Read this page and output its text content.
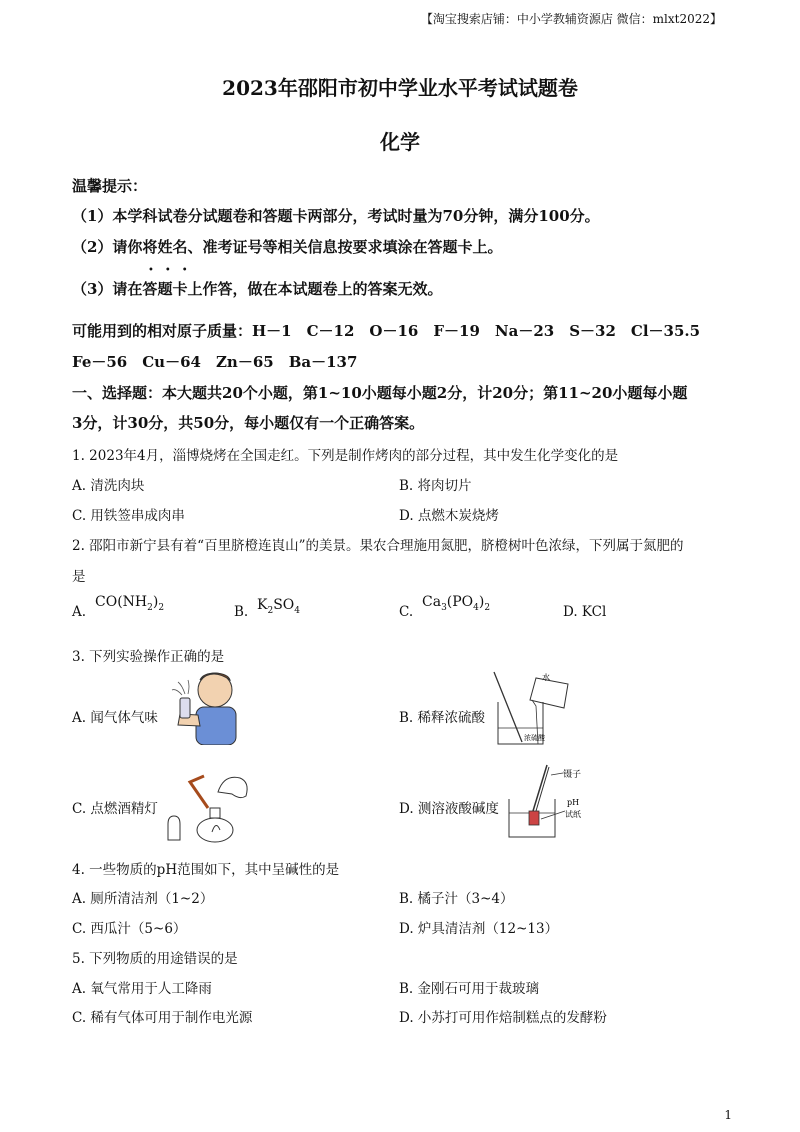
【淘宝搜索店铺：中小学教辅资源店 微信：mlxt2022】
2023年邵阳市初中学业水平考试试题卷
化学
温馨提示：
（1）本学科试卷分试题卷和答题卡两部分，考试时量为70分钟，满分100分。
（2）请你将姓名、准考证号等相关信息按要求填涂在答题卡上。
•••
（3）请在答题卡上作答，做在本试题卷上的答案无效。
可能用到的相对原子质量：H－1　C－12　O－16　F－19　Na－23　S－32　Cl－35.5
Fe－56　Cu－64　Zn－65　Ba－137
一、选择题：本大题共20个小题，第1~10小题每小题2分，计20分；第11~20小题每小题
3分，计30分，共50分，每小题仅有一个正确答案。
1. 2023年4月，淄博烧烤在全国走红。下列是制作烤肉的部分过程，其中发生化学变化的是
A. 清洗肉块	B. 将肉切片
C. 用铁签串成肉串	D. 点燃木炭烧烤
2. 邵阳市新宁县有着“百里脐橙连崀山”的美景。果农合理施用氮肥，脐橙树叶色浓绿，下列属于氮肥的
是
A.
$CO(NH_2)_2$	B. $K_2SO_4$	C.
$Ca_3(PO_4)_2$	D. KCl
3. 下列实验操作正确的是
A. 闻气体气味	B. 稀释浓硫酸
水
浓硫酸
C. 点燃酒精灯	D. 测溶液酸碱度
镊子
pH
试纸
4. 一些物质的pH范围如下，其中呈碱性的是
A. 厕所清洁剂（1~2）	B. 橘子汁（3~4）
C. 西瓜汁（5~6）	D. 炉具清洁剂（12~13）
5. 下列物质的用途错误的是
A. 氧气常用于人工降雨	B. 金刚石可用于裁玻璃
C. 稀有气体可用于制作电光源	D. 小苏打可用作焙制糕点的发酵粉
1
